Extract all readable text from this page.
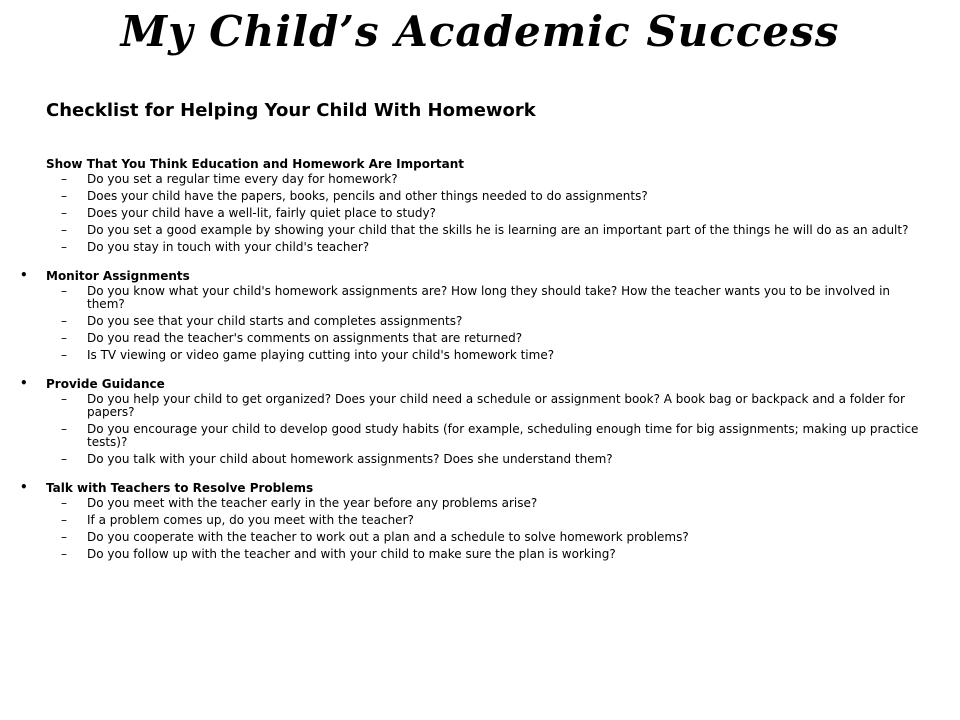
My Child’s Academic Success
Checklist for Helping Your Child With Homework
Show That You Think Education and Homework Are Important
– Do you set a regular time every day for homework?
– Does your child have the papers, books, pencils and other things needed to do assignments?
– Does your child have a well-lit, fairly quiet place to study?
– Do you set a good example by showing your child that the skills he is learning are an important part of the things he will do as an adult?
– Do you stay in touch with your child's teacher?
• Monitor Assignments
– Do you know what your child's homework assignments are? How long they should take? How the teacher wants you to be involved in them?
– Do you see that your child starts and completes assignments?
– Do you read the teacher's comments on assignments that are returned?
– Is TV viewing or video game playing cutting into your child's homework time?
• Provide Guidance
– Do you help your child to get organized? Does your child need a schedule or assignment book? A book bag or backpack and a folder for papers?
– Do you encourage your child to develop good study habits (for example, scheduling enough time for big assignments; making up practice tests)?
– Do you talk with your child about homework assignments? Does she understand them?
• Talk with Teachers to Resolve Problems
– Do you meet with the teacher early in the year before any problems arise?
– If a problem comes up, do you meet with the teacher?
– Do you cooperate with the teacher to work out a plan and a schedule to solve homework problems?
– Do you follow up with the teacher and with your child to make sure the plan is working?
